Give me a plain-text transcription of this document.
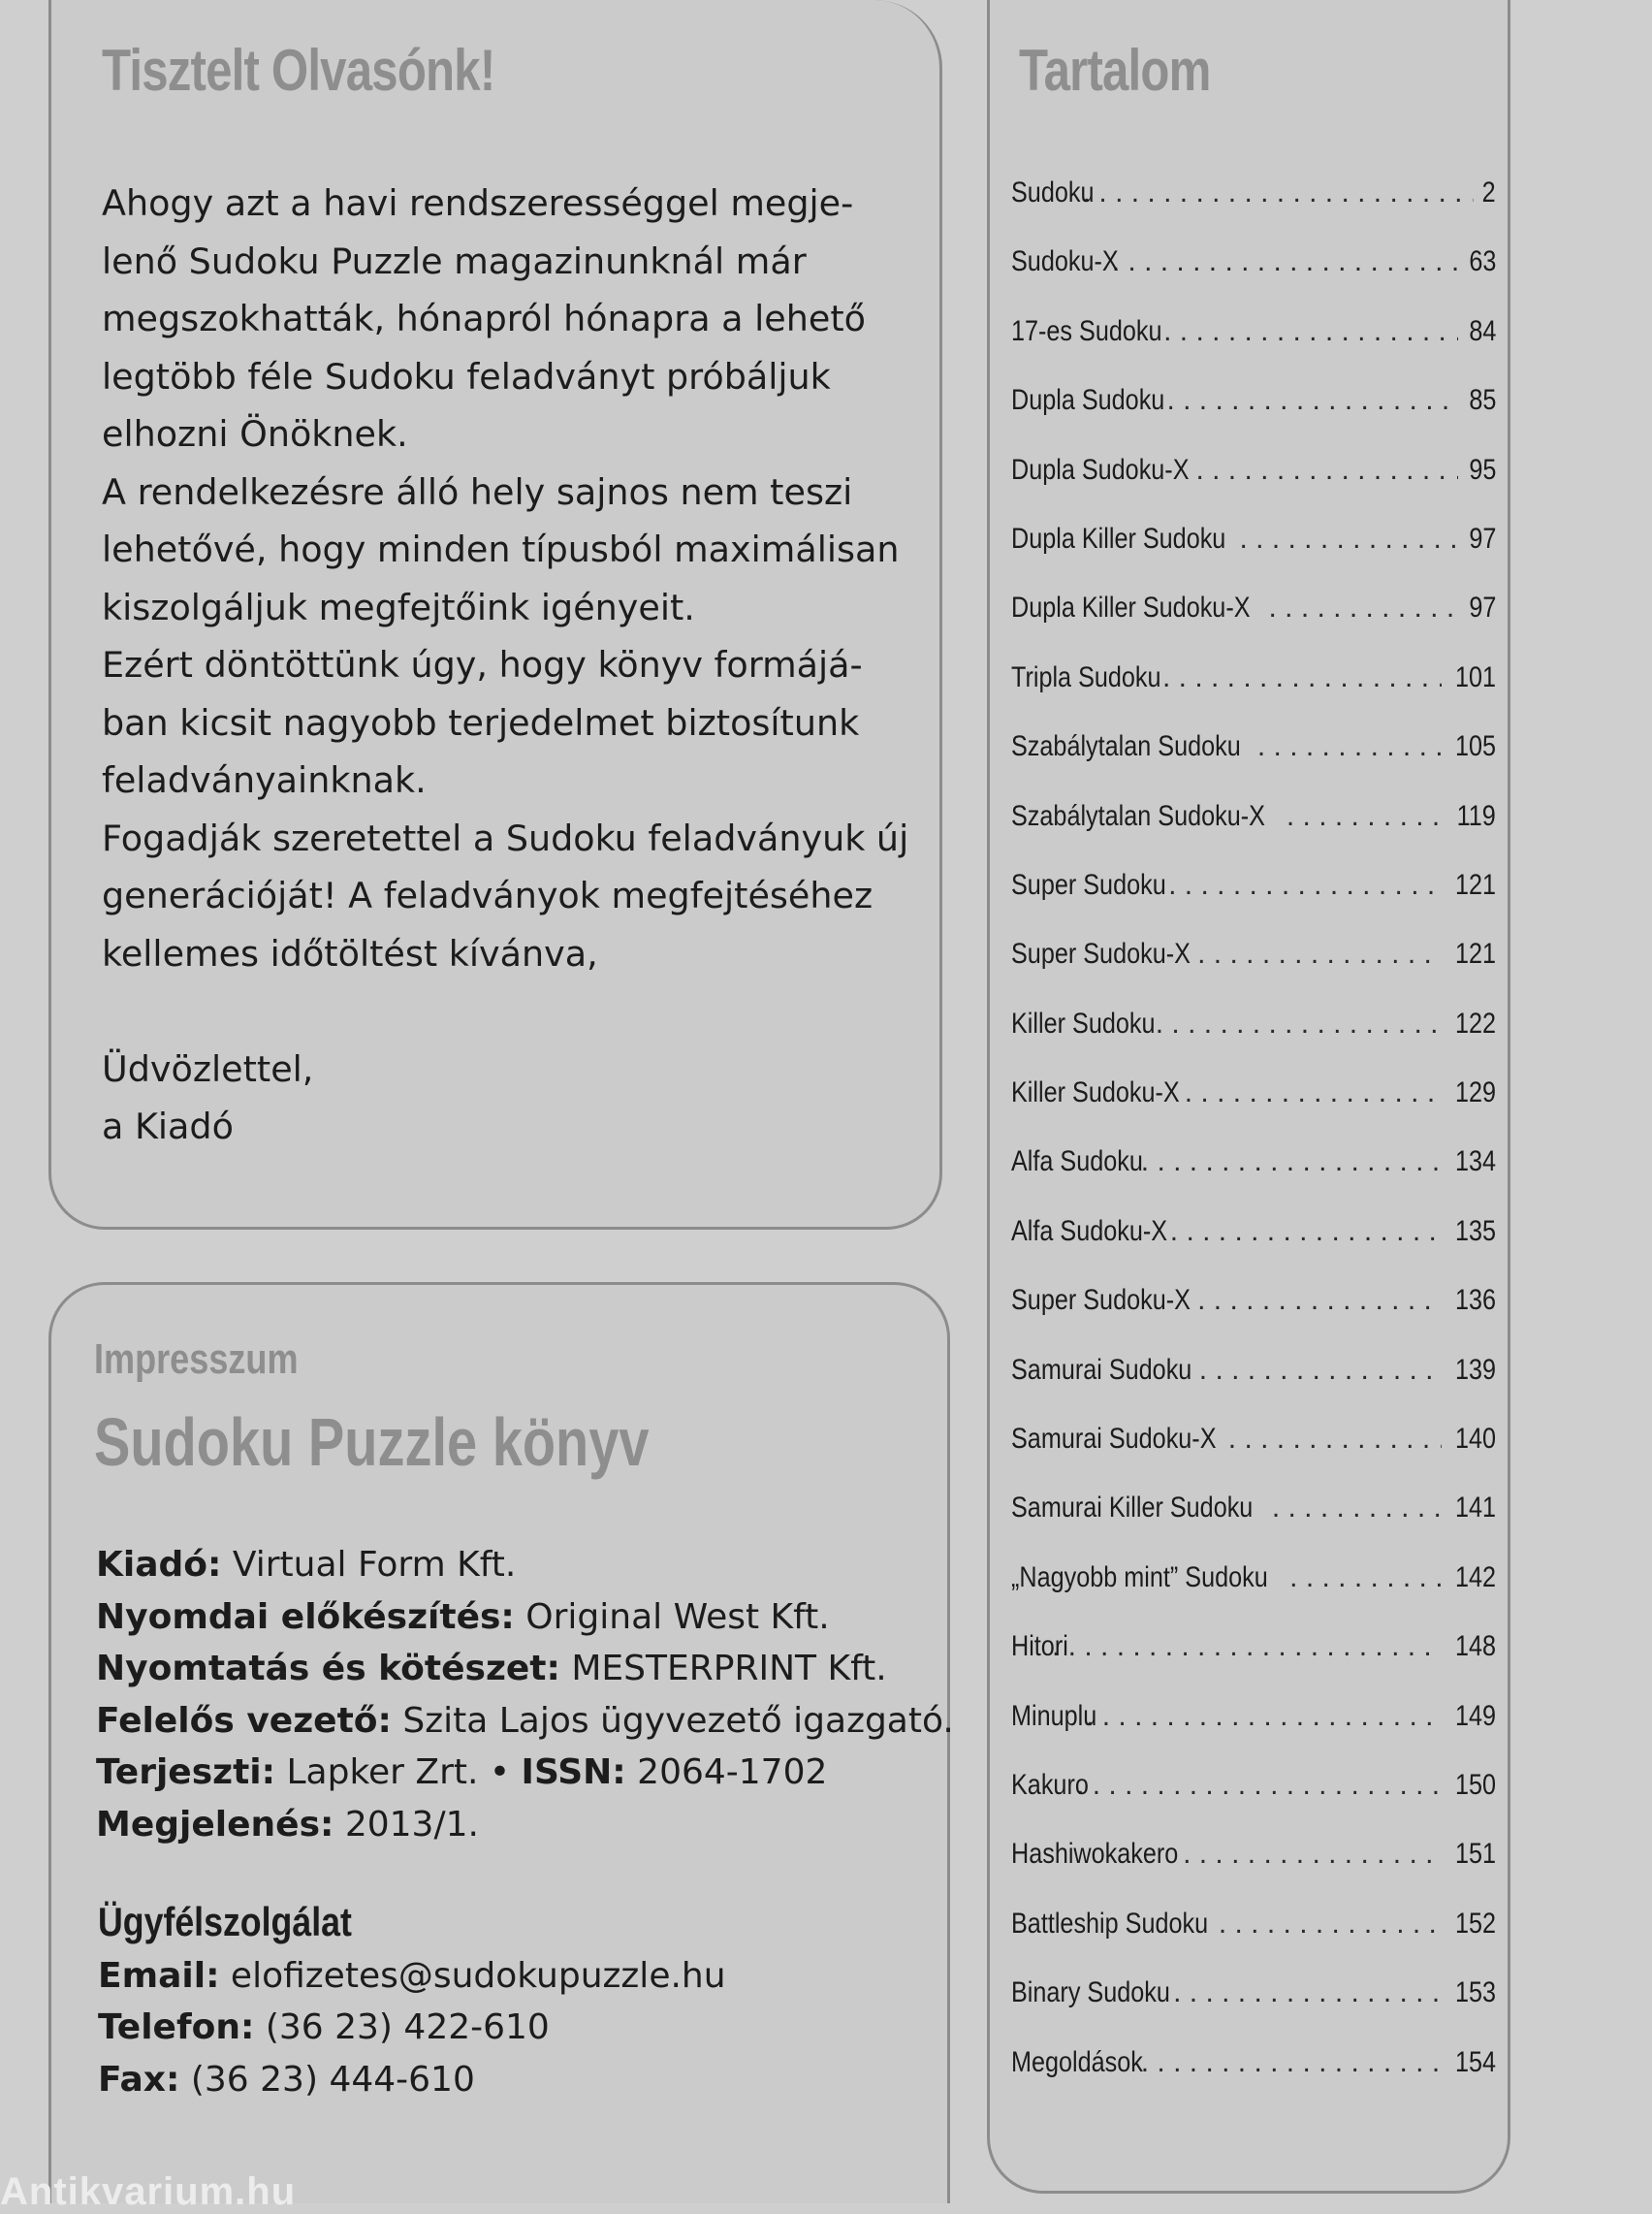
Tisztelt Olvasónk!
Ahogy azt a havi rendszerességgel megje-
lenő Sudoku Puzzle magazinunknál már
megszokhatták, hónapról hónapra a lehető
legtöbb féle Sudoku feladványt próbáljuk
elhozni Önöknek.
A rendelkezésre álló hely sajnos nem teszi
lehetővé, hogy minden típusból maximálisan
kiszolgáljuk megfejtőink igényeit.
Ezért döntöttünk úgy, hogy könyv formájá-
ban kicsit nagyobb terjedelmet biztosítunk
feladványainknak.
Fogadják szeretettel a Sudoku feladványuk új
generációját! A feladványok megfejtéséhez
kellemes időtöltést kívánva,
Üdvözlettel,
a Kiadó
Impresszum
Sudoku Puzzle könyv
Kiadó: Virtual Form Kft.
Nyomdai előkészítés: Original West Kft.
Nyomtatás és kötészet: MESTERPRINT Kft.
Felelős vezető: Szita Lajos ügyvezető igazgató.
Terjeszti: Lapker Zrt. • ISSN: 2064-1702
Megjelenés: 2013/1.
Ügyfélszolgálat
Email: elofizetes@sudokupuzzle.hu
Telefon: (36 23) 422-610
Fax: (36 23) 444-610
Tartalom
Sudoku . . .	2
Sudoku-X . . .	63
17-es Sudoku . . .	84
Dupla Sudoku . . .	85
Dupla Sudoku-X . . .	95
Dupla Killer Sudoku . . .	97
Dupla Killer Sudoku-X . . .	97
Tripla Sudoku . . .	101
Szabálytalan Sudoku . . .	105
Szabálytalan Sudoku-X . . .	119
Super Sudoku . . .	121
Super Sudoku-X . . .	121
Killer Sudoku . . .	122
Killer Sudoku-X . . .	129
Alfa Sudoku . . .	134
Alfa Sudoku-X . . .	135
Super Sudoku-X . . .	136
Samurai Sudoku . . .	139
Samurai Sudoku-X . . .	140
Samurai Killer Sudoku . . .	141
„Nagyobb mint” Sudoku . . .	142
Hitori . . .	148
Minuplu . . .	149
Kakuro . . .	150
Hashiwokakero . . .	151
Battleship Sudoku . . .	152
Binary Sudoku . . .	153
Megoldások . . .	154
Antikvarium.hu
